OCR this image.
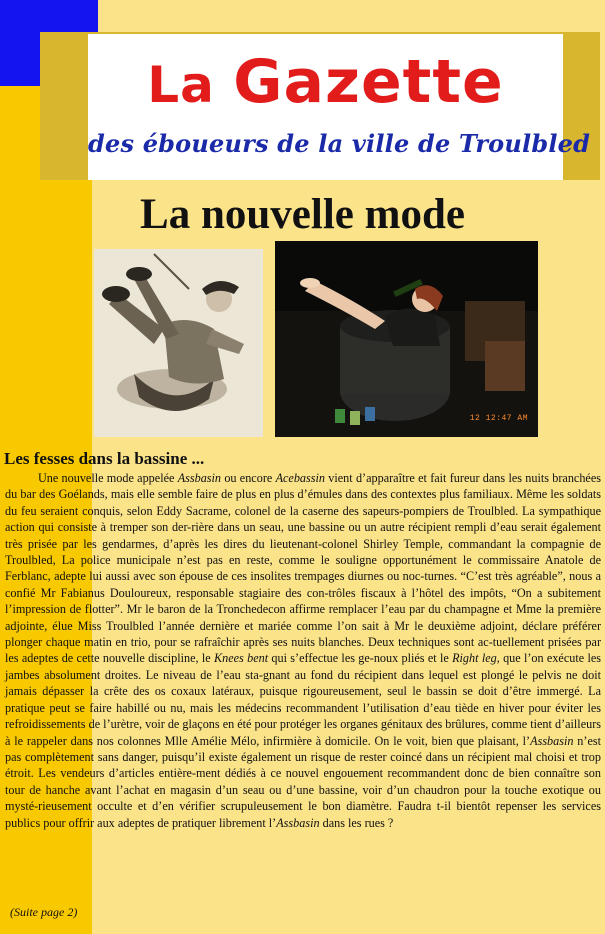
La Gazette
des éboueurs de la ville de Troulbled
La nouvelle mode
12 12:47 AM
Les fesses dans la bassine ...

Une nouvelle mode appelée Assbasin ou encore Acebassin vient d’apparaître et fait fureur dans les nuits branchées du bar des Goélands, mais elle semble faire de plus en plus d’émules dans des contextes plus familiaux. Même les soldats du feu seraient conquis, selon Eddy Sacrame, colonel de la caserne des sapeurs-pompiers de Troulbled. La sympathique action qui consiste à tremper son der-rière dans un seau, une bassine ou un autre récipient rempli d’eau serait également très prisée par les gendarmes, d’après les dires du lieutenant-colonel Shirley Temple, commandant la compagnie de Troulbled, La police municipale n’est pas en reste, comme le souligne opportunément le commissaire Anatole de Ferblanc, adepte lui aussi avec son épouse de ces insolites trempages diurnes ou noc-turnes. “C’est très agréable”, nous a confié Mr Fabianus Douloureux, responsable stagiaire des con-trôles fiscaux à l’hôtel des impôts, “On a subitement l’impression de flotter”. Mr le baron de la Tronchedecon affirme remplacer l’eau par du champagne et Mme la première adjointe, élue Miss Troulbled l’année dernière et mariée comme l’on sait à Mr le deuxième adjoint, déclare préférer plonger chaque matin en trio, pour se rafraîchir après ses nuits blanches. Deux techniques sont ac-tuellement prisées par les adeptes de cette nouvelle discipline, le Knees bent qui s’effectue les ge-noux pliés et le Right leg, que l’on exécute les jambes absolument droites. Le niveau de l’eau sta-gnant au fond du récipient dans lequel est plongé le pelvis ne doit jamais dépasser la crête des os coxaux latéraux, puisque rigoureusement, seul le bassin se doit d’être immergé. La pratique peut se faire habillé ou nu, mais les médecins recommandent l’utilisation d’eau tiède en hiver pour éviter les refroidissements de l’urètre, voir de glaçons en été pour protéger les organes génitaux des brûlures, comme tient d’ailleurs à le rappeler dans nos colonnes Mlle Amélie Mélo, infirmière à domicile. On le voit, bien que plaisant, l’Assbasin n’est pas complètement sans danger, puisqu’il existe également un risque de rester coincé dans un récipient mal choisi et trop étroit. Les vendeurs d’articles entière-ment dédiés à ce nouvel engouement recommandent donc de bien connaître son tour de hanche avant l’achat en magasin d’un seau ou d’une bassine, voir d’un chaudron pour la touche exotique ou mysté-rieusement occulte et d’en vérifier scrupuleusement le bon diamètre. Faudra t-il bientôt repenser les services publics pour offrir aux adeptes de pratiquer librement l’Assbasin dans les rues ?

(Suite page 2)
